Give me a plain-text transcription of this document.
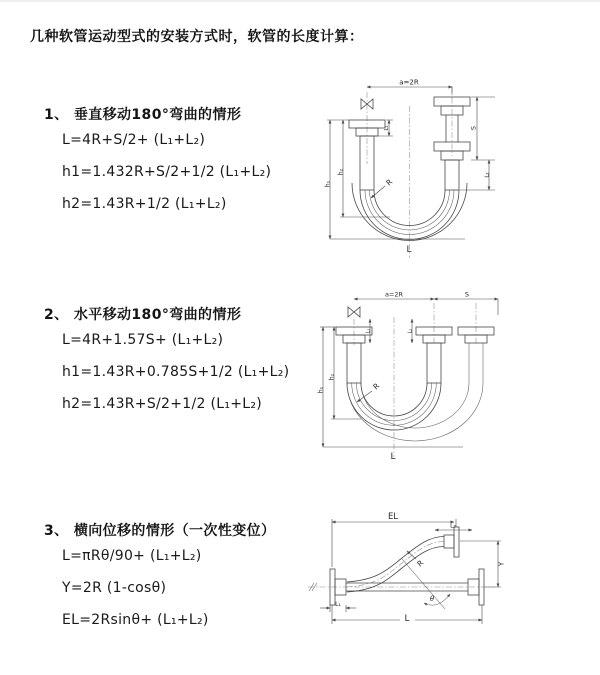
几种软管运动型式的安装方式时，软管的长度计算：
1、 垂直移动180°弯曲的情形
L=4R+S/2+ (L₁+L₂)
h1=1.432R+S/2+1/2 (L₁+L₂)
h2=1.43R+1/2 (L₁+L₂)
2、 水平移动180°弯曲的情形
L=4R+1.57S+ (L₁+L₂)
h1=1.43R+0.785S+1/2 (L₁+L₂)
h2=1.43R+S/2+1/2 (L₁+L₂)
3、 横向位移的情形（一次性变位）
L=πRθ/90+ (L₁+L₂)
Y=2R (1-cosθ)
EL=2Rsinθ+ (L₁+L₂)
a=2R
L₁	S
L₂
h₂
h₁	R
L
a=2R	S
L₁	L₂
h₂
h₁	R
L
θ
EL
L₂
Y
R
L
L₁
